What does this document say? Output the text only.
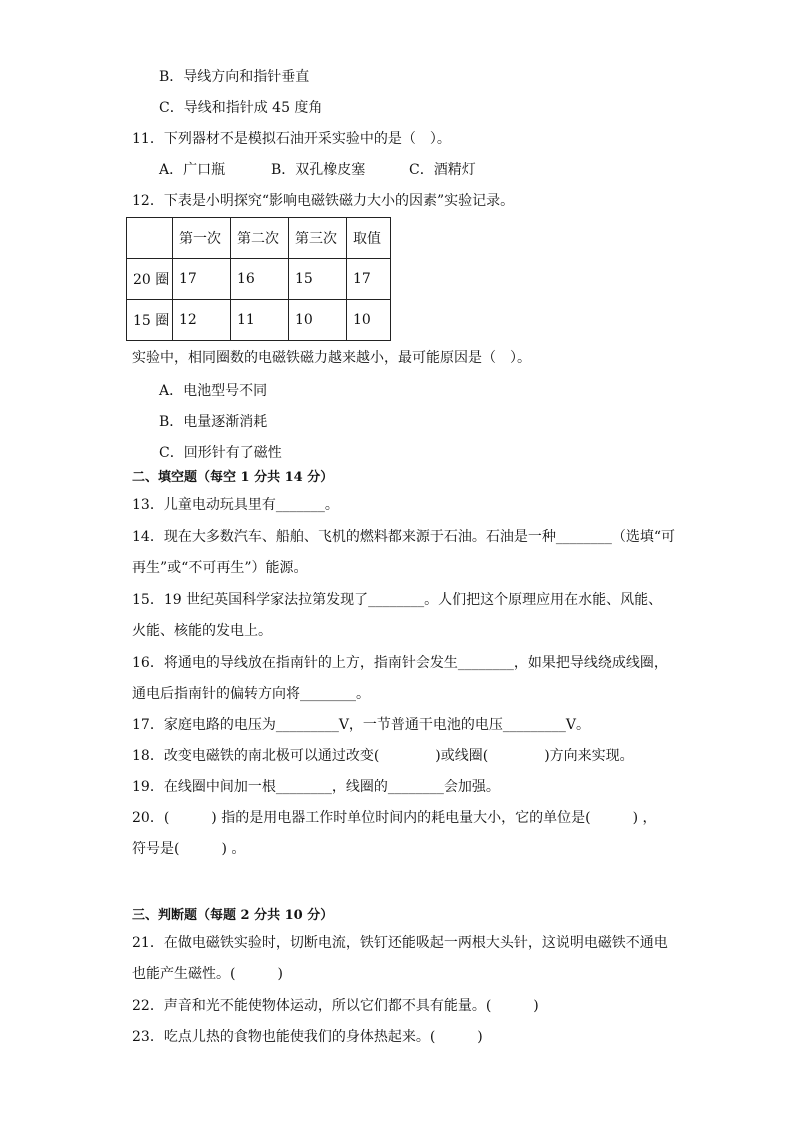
B．导线方向和指针垂直
C．导线和指针成 45 度角
11．下列器材不是模拟石油开采实验中的是（　）。
A．广口瓶	B．双孔橡皮塞	C．酒精灯
12．下表是小明探究“影响电磁铁磁力大小的因素”实验记录。
	第一次	第二次	第三次	取值
20 圈	17	16	15	17
15 圈	12	11	10	10
实验中，相同圈数的电磁铁磁力越来越小，最可能原因是（　）。
A．电池型号不同
B．电量逐渐消耗
C．回形针有了磁性
二、填空题（每空 1 分共 14 分）
13．儿童电动玩具里有_______。
14．现在大多数汽车、船舶、飞机的燃料都来源于石油。石油是一种________（选填“可
再生”或“不可再生”）能源。
15．19 世纪英国科学家法拉第发现了________。人们把这个原理应用在水能、风能、
火能、核能的发电上。
16．将通电的导线放在指南针的上方，指南针会发生________，如果把导线绕成线圈，
通电后指南针的偏转方向将________。
17．家庭电路的电压为_________V，一节普通干电池的电压_________V。
18．改变电磁铁的南北极可以通过改变(　　　　)或线圈(　　　　)方向来实现。
19．在线圈中间加一根________，线圈的________会加强。
20．(　　　) 指的是用电器工作时单位时间内的耗电量大小，它的单位是(　　　) ，
符号是(　　　) 。
三、判断题（每题 2 分共 10 分）
21．在做电磁铁实验时，切断电流，铁钉还能吸起一两根大头针，这说明电磁铁不通电
也能产生磁性。(　　　)
22．声音和光不能使物体运动，所以它们都不具有能量。(　　　)
23．吃点儿热的食物也能使我们的身体热起来。(　　　)
